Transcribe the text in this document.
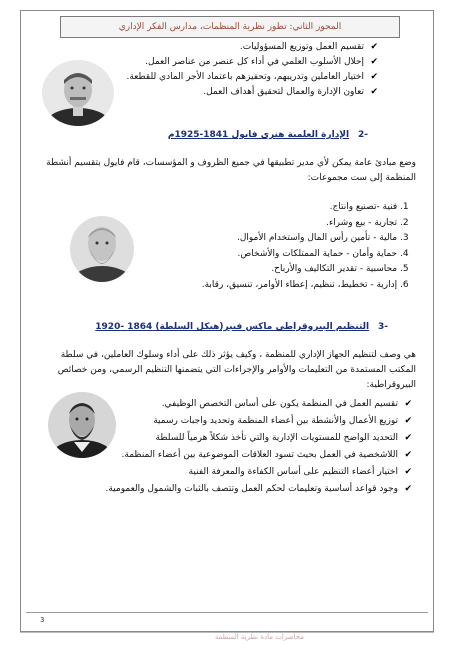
المحور الثاني: تطور نظرية المنظمات، مدارس الفكر الإداري
✔ تقسيم العمل وتوزيع المسؤوليات.
✔ إحلال الأسلوب العلمي في أداء كل عنصر من عناصر العمل.
✔ اختيار العاملين وتدريبهم، وتحفيزهم باعتماد الأجر المادي للقطعة.
✔ تعاون الإدارة والعمال لتحقيق أهداف العمل.
-2 الإدارة العلمية هنري فايول 1841-1925م
وضع مبادئ عامة يمكن لأي مدير تطبيقها في جميع الظروف و المؤسسات، قام فايول بتقسيم أنشطة المنظمة إلى ست مجموعات:
1. فنية -تصنيع وانتاج.
2. تجارية - بيع وشراء.
3. مالية - تأمين رأس المال واستخدام الأموال.
4. حماية وأمان - حماية الممتلكات والأشخاص.
5. محاسبية - تقدير التكاليف والأرباح.
6. إدارية - تخطيط، تنظيم، إعطاء الأوامر، تنسيق، رقابة.
-3 التنظيم البيروقراطي ماكس فيبر(هيكل السلطة) 1864 -1920
هي وصف لتنظيم الجهاز الإداري للمنظمة ، وكيف يؤثر ذلك على أداء وسلوك العاملين، في سلطة المكتب المستمدة من التعليمات والأوامر والإجراءات التي يتضمنها التنظيم الرسمي، ومن خصائص البيروقراطية:
✔ تقسيم العمل في المنظمة يكون على أساس التخصص الوظيفي.
✔ توزيع الأعمال والأنشطة بين أعضاء المنظمة وتحديد واجبات رسمية
✔ التحديد الواضح للمستويات الإدارية والتي تأخذ شكلاً هرمياً للسلطة
✔ اللاشخصية في العمل بحيث تسود العلاقات الموضوعية بين أعضاء المنظمة.
✔ اختيار أعضاء التنظيم على أساس الكفاءة والمعرفة الفنية
✔ وجود قواعد أساسية وتعليمات لحكم العمل وتتصف بالثبات والشمول والعمومية.
3
محاضرات مادة نظرية المنظمة
